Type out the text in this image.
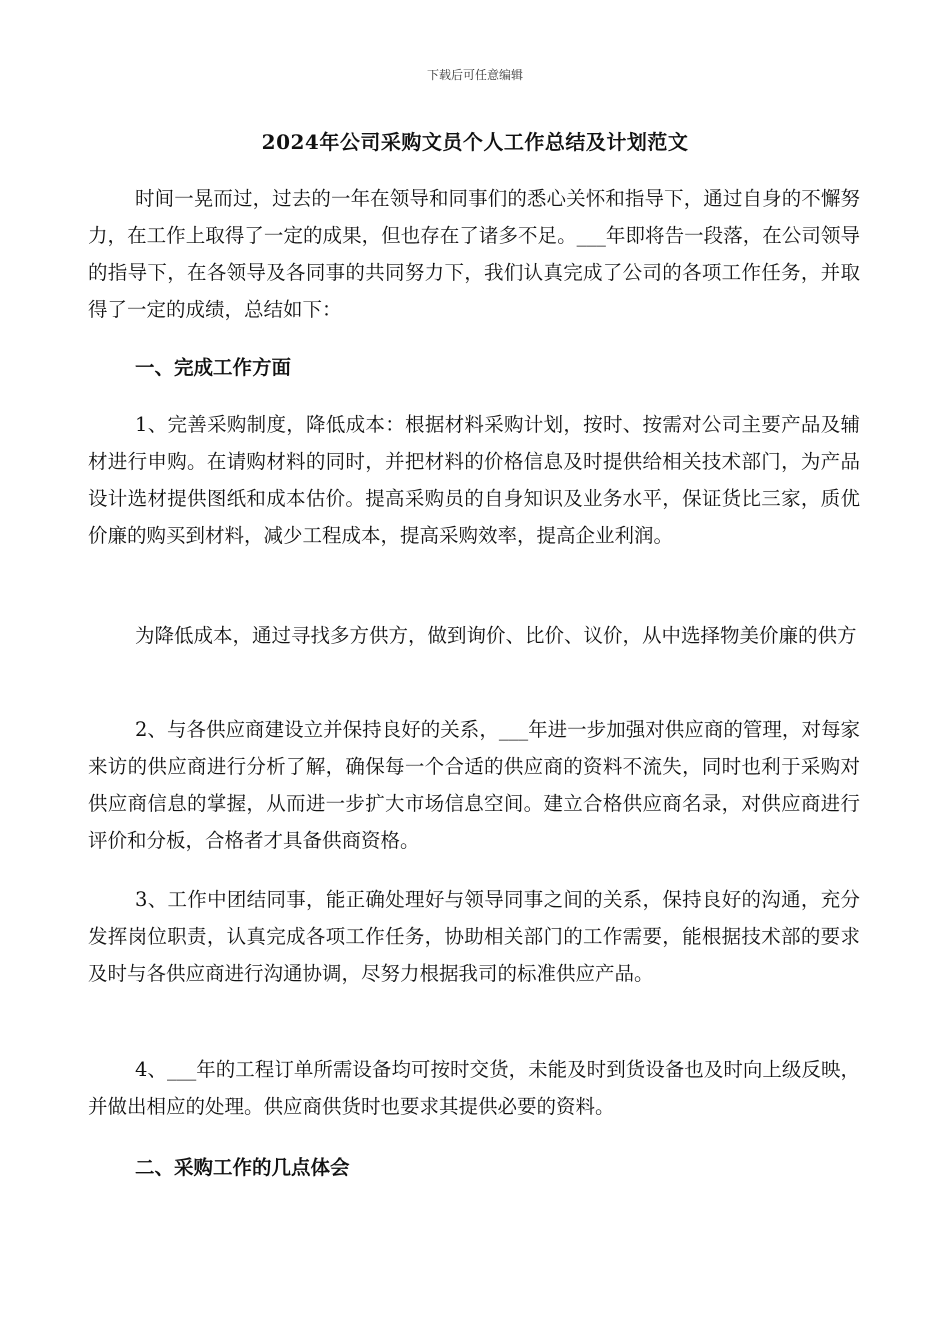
下载后可任意编辑
2024年公司采购文员个人工作总结及计划范文

时间一晃而过，过去的一年在领导和同事们的悉心关怀和指导下，通过自身的不懈努力，在工作上取得了一定的成果，但也存在了诸多不足。___年即将告一段落，在公司领导的指导下，在各领导及各同事的共同努力下，我们认真完成了公司的各项工作任务，并取得了一定的成绩，总结如下：

一、完成工作方面

1、完善采购制度，降低成本：根据材料采购计划，按时、按需对公司主要产品及辅材进行申购。在请购材料的同时，并把材料的价格信息及时提供给相关技术部门，为产品设计选材提供图纸和成本估价。提高采购员的自身知识及业务水平，保证货比三家，质优价廉的购买到材料，减少工程成本，提高采购效率，提高企业利润。

为降低成本，通过寻找多方供方，做到询价、比价、议价，从中选择物美价廉的供方

2、与各供应商建设立并保持良好的关系，___年进一步加强对供应商的管理，对每家来访的供应商进行分析了解，确保每一个合适的供应商的资料不流失，同时也利于采购对供应商信息的掌握，从而进一步扩大市场信息空间。建立合格供应商名录，对供应商进行评价和分板，合格者才具备供商资格。

3、工作中团结同事，能正确处理好与领导同事之间的关系，保持良好的沟通，充分发挥岗位职责，认真完成各项工作任务，协助相关部门的工作需要，能根据技术部的要求及时与各供应商进行沟通协调，尽努力根据我司的标准供应产品。

4、___年的工程订单所需设备均可按时交货，未能及时到货设备也及时向上级反映，并做出相应的处理。供应商供货时也要求其提供必要的资料。

二、采购工作的几点体会
